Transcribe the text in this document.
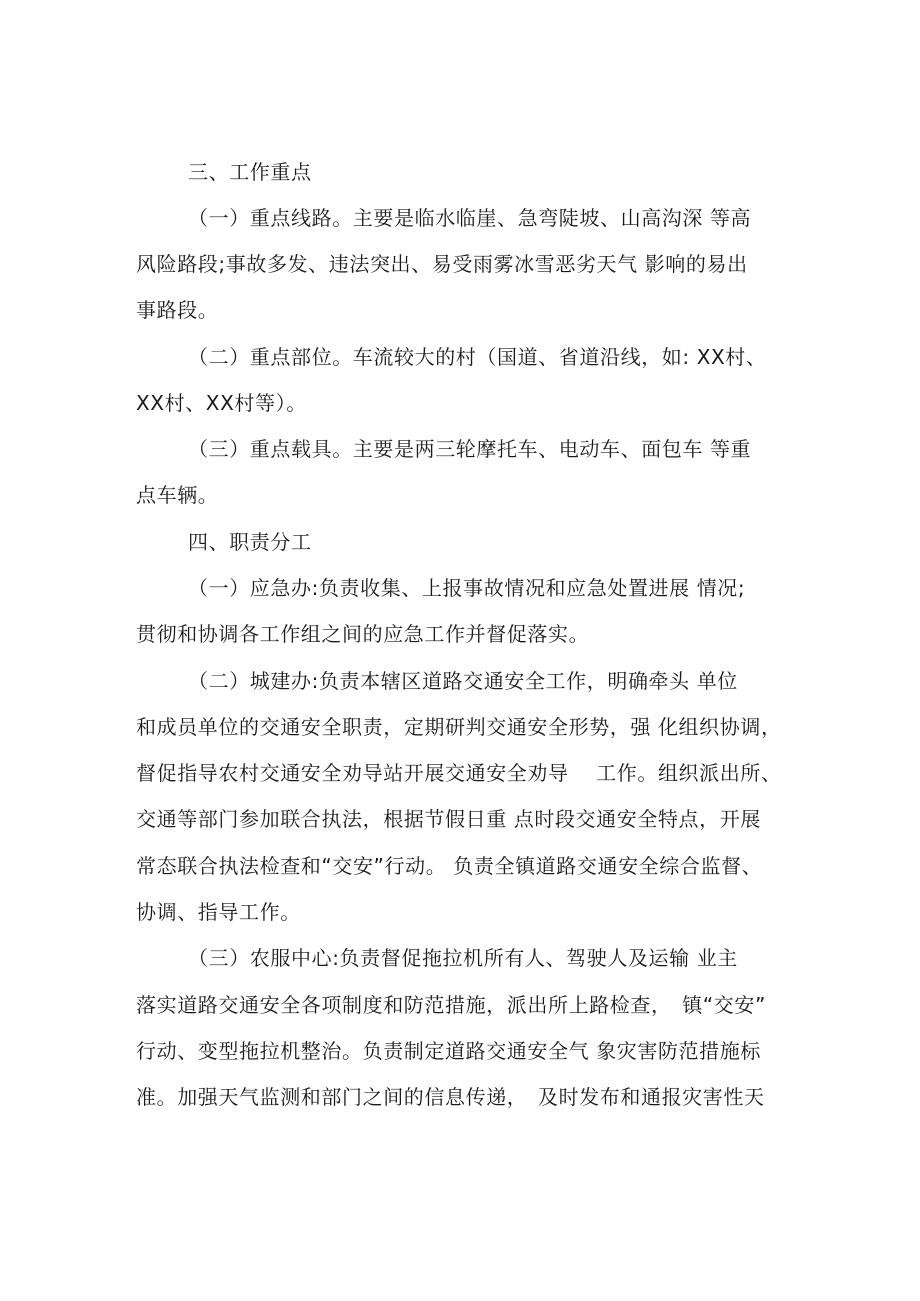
三、工作重点
（一）重点线路。主要是临水临崖、急弯陡坡、山高沟深 等高
风险路段;事故多发、违法突出、易受雨雾冰雪恶劣天气 影响的易出
事路段。
（二）重点部位。车流较大的村（国道、省道沿线，如: XX村、
XX村、XX村等）。
（三）重点载具。主要是两三轮摩托车、电动车、面包车 等重
点车辆。
四、职责分工
（一）应急办:负责收集、上报事故情况和应急处置进展 情况;
贯彻和协调各工作组之间的应急工作并督促落实。
（二）城建办:负责本辖区道路交通安全工作，明确牵头 单位
和成员单位的交通安全职责，定期研判交通安全形势，强 化组织协调，
督促指导农村交通安全劝导站开展交通安全劝导　 工作。组织派出所、
交通等部门参加联合执法，根据节假日重 点时段交通安全特点，开展
常态联合执法检查和“交安”行动。 负责全镇道路交通安全综合监督、
协调、指导工作。
（三）农服中心:负责督促拖拉机所有人、驾驶人及运输 业主
落实道路交通安全各项制度和防范措施，派出所上路检查，　镇“交安”
行动、变型拖拉机整治。负责制定道路交通安全气 象灾害防范措施标
准。加强天气监测和部门之间的信息传递，　及时发布和通报灾害性天
